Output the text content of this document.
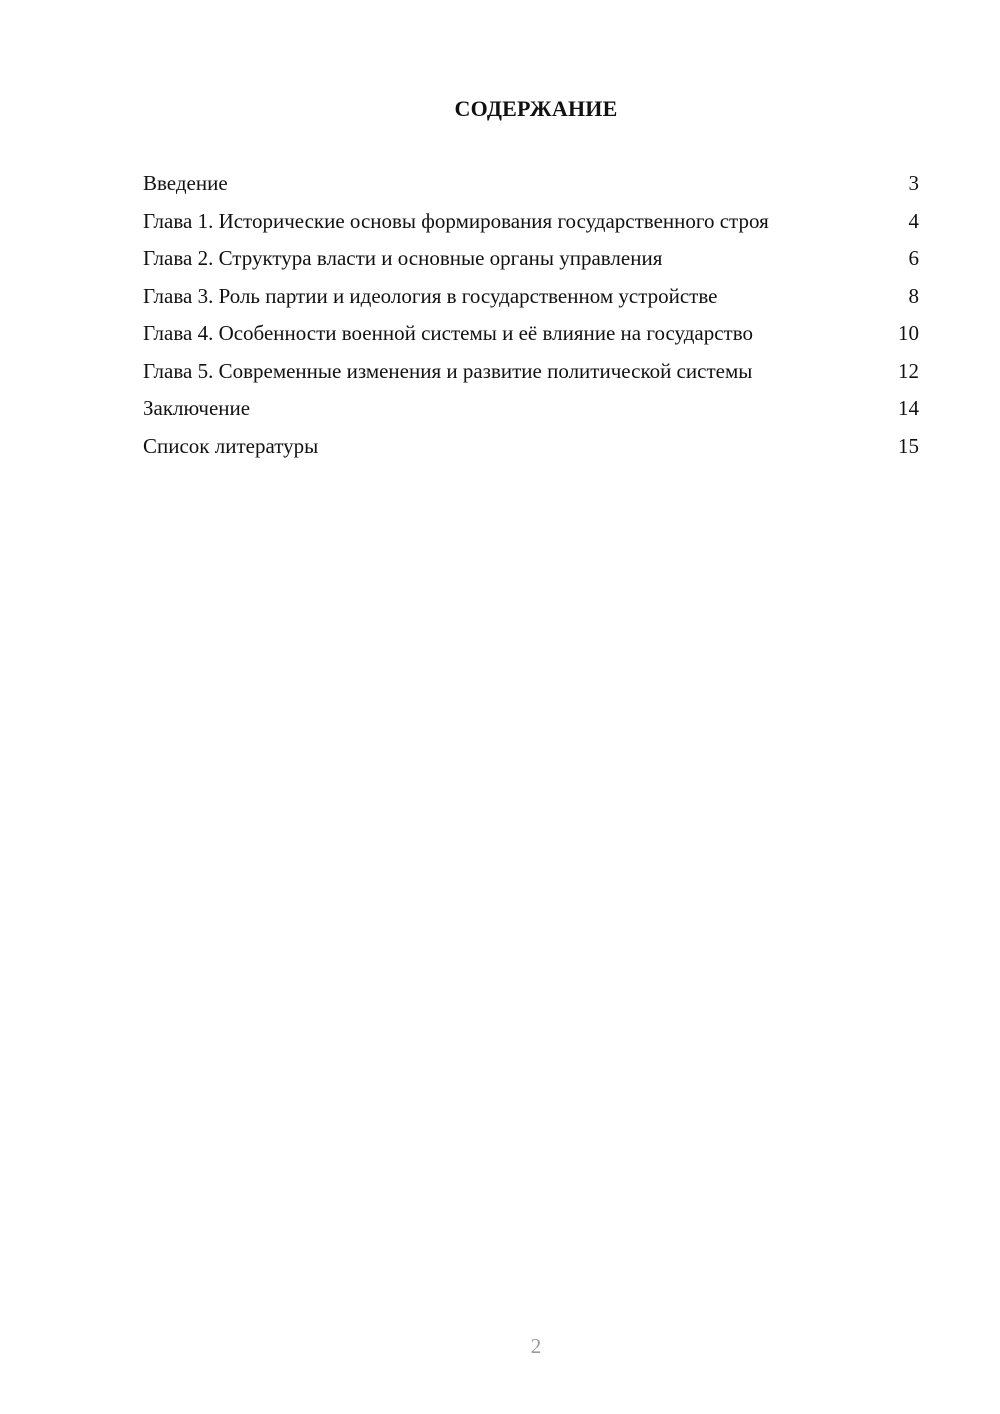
СОДЕРЖАНИЕ
Введение	3
Глава 1. Исторические основы формирования государственного строя	4
Глава 2. Структура власти и основные органы управления	6
Глава 3. Роль партии и идеология в государственном устройстве	8
Глава 4. Особенности военной системы и её влияние на государство	10
Глава 5. Современные изменения и развитие политической системы	12
Заключение	14
Список литературы	15
2
